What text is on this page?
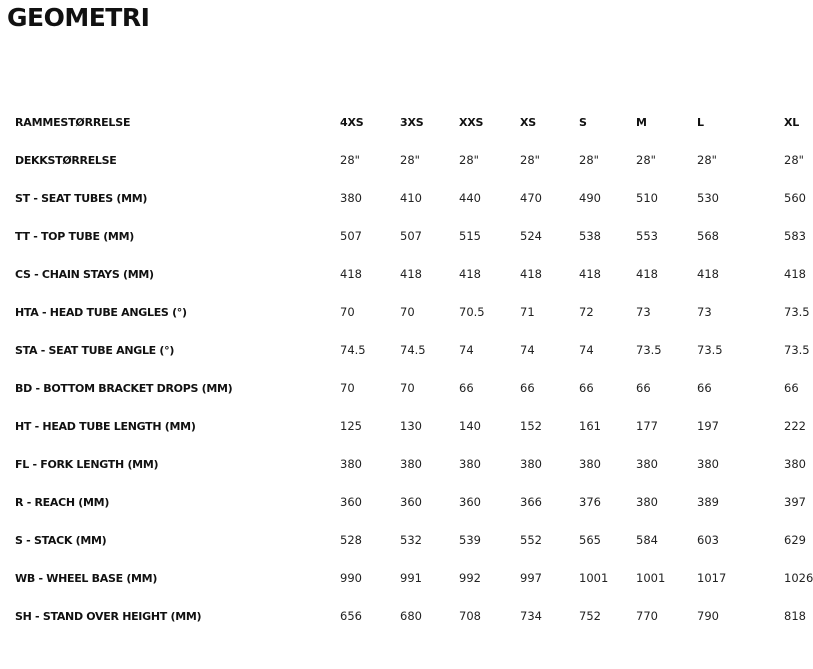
GEOMETRI
RAMMESTØRRELSE	4XS	3XS	XXS	XS	S	M	L	XL
DEKKSTØRRELSE	28"	28"	28"	28"	28"	28"	28"	28"
ST - SEAT TUBES (MM)	380	410	440	470	490	510	530	560
TT - TOP TUBE (MM)	507	507	515	524	538	553	568	583
CS - CHAIN STAYS (MM)	418	418	418	418	418	418	418	418
HTA - HEAD TUBE ANGLES (°)	70	70	70.5	71	72	73	73	73.5
STA - SEAT TUBE ANGLE (°)	74.5	74.5	74	74	74	73.5	73.5	73.5
BD - BOTTOM BRACKET DROPS (MM)	70	70	66	66	66	66	66	66
HT - HEAD TUBE LENGTH (MM)	125	130	140	152	161	177	197	222
FL - FORK LENGTH (MM)	380	380	380	380	380	380	380	380
R - REACH (MM)	360	360	360	366	376	380	389	397
S - STACK (MM)	528	532	539	552	565	584	603	629
WB - WHEEL BASE (MM)	990	991	992	997	1001	1001	1017	1026
SH - STAND OVER HEIGHT (MM)	656	680	708	734	752	770	790	818
